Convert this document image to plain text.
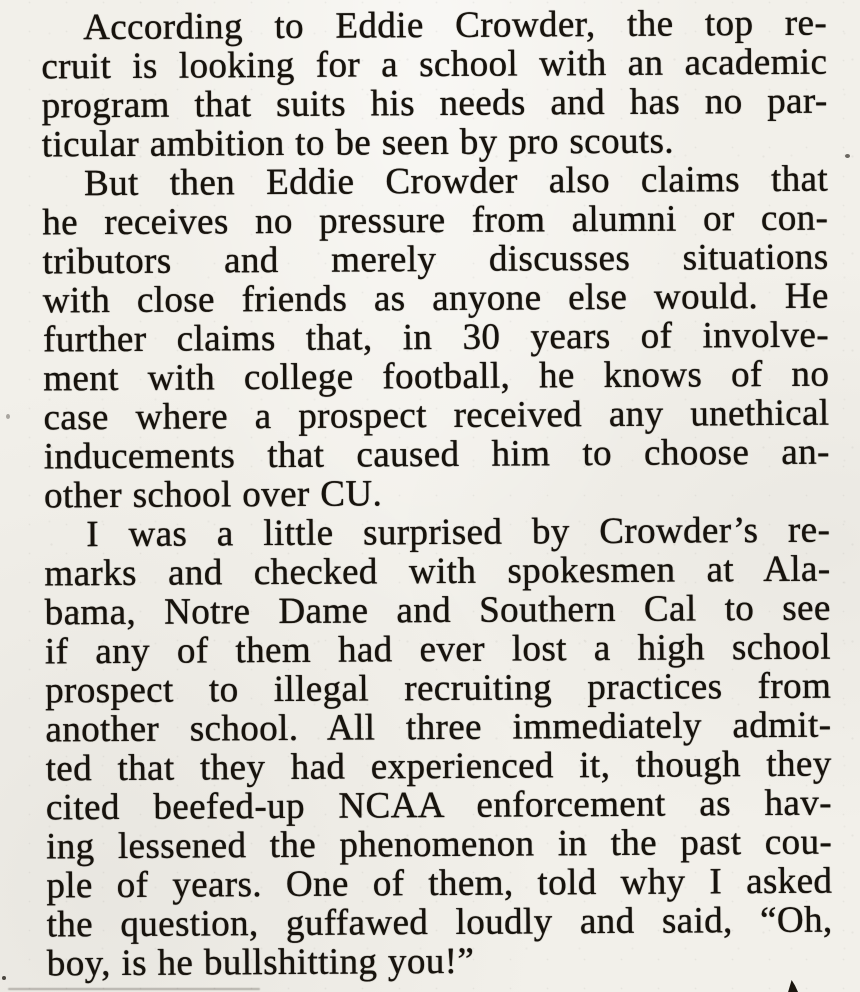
According to Eddie Crowder, the top re-
cruit is looking for a school with an academic
program that suits his needs and has no par-
ticular ambition to be seen by pro scouts.
But then Eddie Crowder also claims that
he receives no pressure from alumni or con-
tributors and merely discusses situations
with close friends as anyone else would. He
further claims that, in 30 years of involve-
ment with college football, he knows of no
case where a prospect received any unethical
inducements that caused him to choose an-
other school over CU.
I was a little surprised by Crowder’s re-
marks and checked with spokesmen at Ala-
bama, Notre Dame and Southern Cal to see
if any of them had ever lost a high school
prospect to illegal recruiting practices from
another school. All three immediately admit-
ted that they had experienced it, though they
cited beefed-up NCAA enforcement as hav-
ing lessened the phenomenon in the past cou-
ple of years. One of them, told why I asked
the question, guffawed loudly and said, “Oh,
boy, is he bullshitting you!”
